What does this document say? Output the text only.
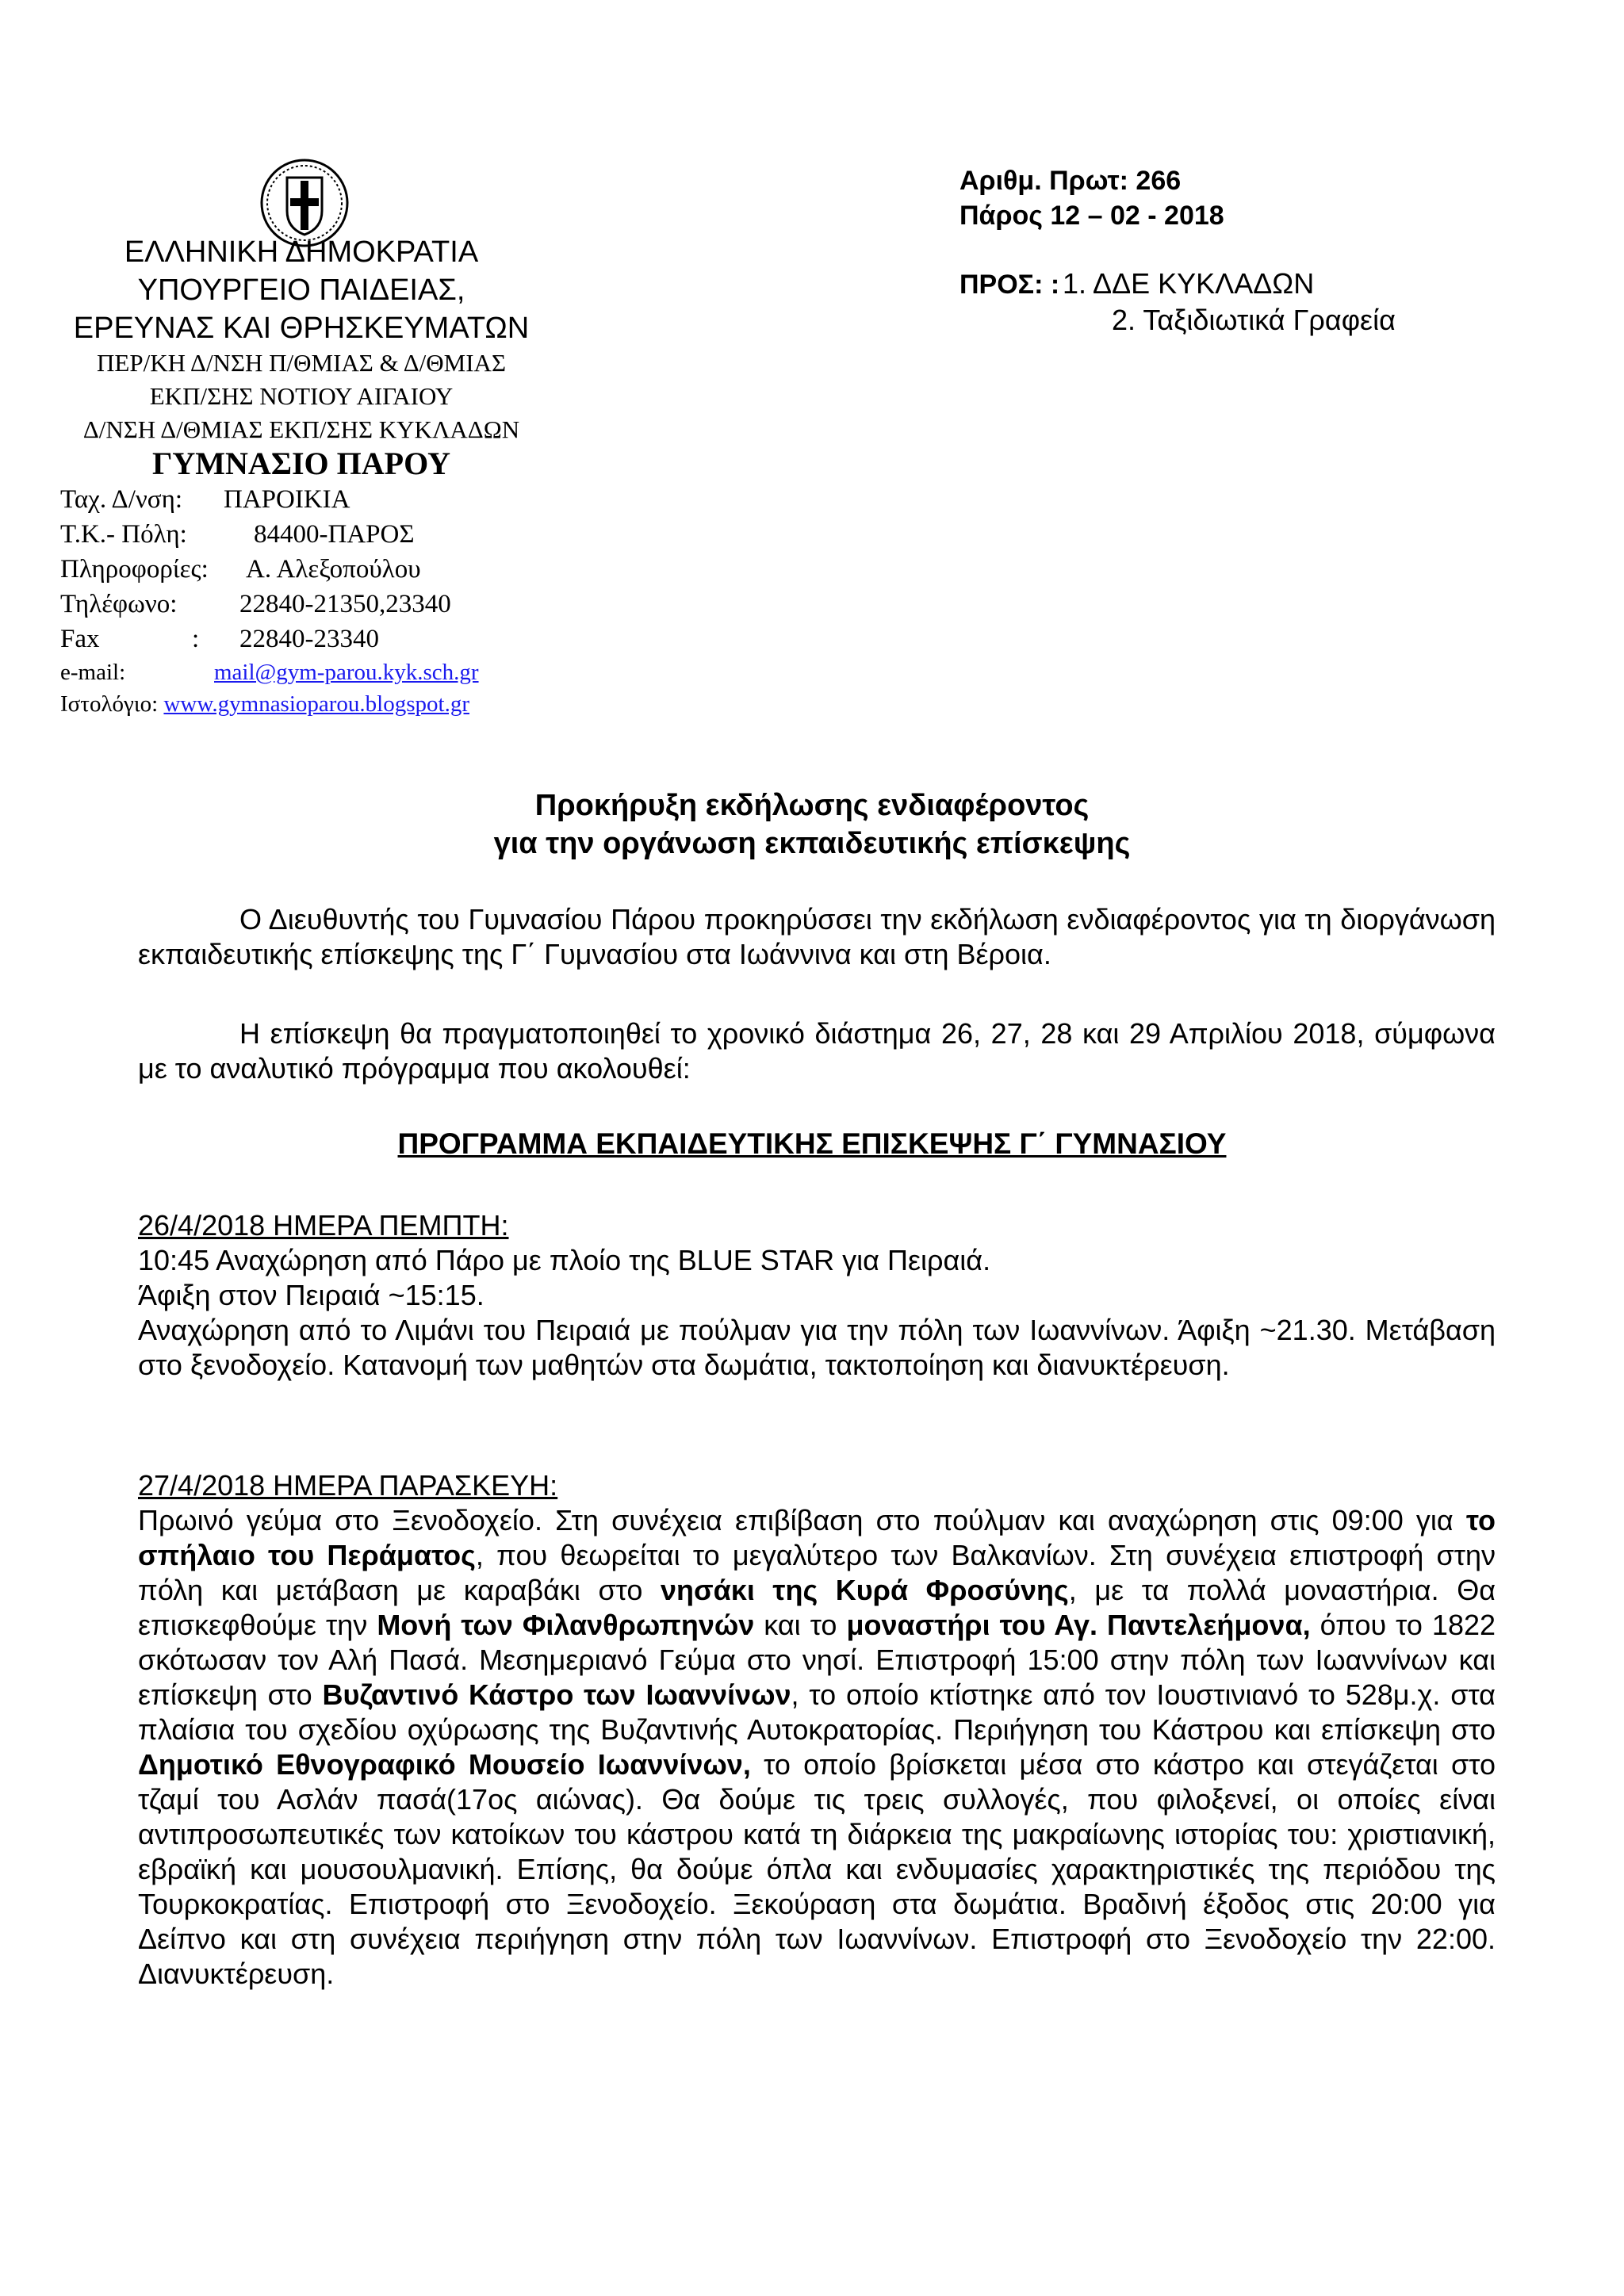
ΕΛΛΗΝΙΚΗ ΔΗΜΟΚΡΑΤΙΑ
ΥΠΟΥΡΓΕΙΟ ΠΑΙΔΕΙΑΣ,
ΕΡΕΥΝΑΣ ΚΑΙ ΘΡΗΣΚΕΥΜΑΤΩΝ
ΠΕΡ/ΚΗ Δ/ΝΣΗ Π/ΘΜΙΑΣ & Δ/ΘΜΙΑΣ
ΕΚΠ/ΣΗΣ ΝΟΤΙΟΥ ΑΙΓΑΙΟΥ
Δ/ΝΣΗ Δ/ΘΜΙΑΣ ΕΚΠ/ΣΗΣ ΚΥΚΛΑΔΩΝ
ΓΥΜΝΑΣΙΟ ΠΑΡΟΥ
Ταχ. Δ/νση: ΠΑΡΟΙΚΙΑ
Τ.Κ.- Πόλη:	84400-ΠΑΡΟΣ
Πληροφορίες: Α. Αλεξοπούλου
Τηλέφωνο: 22840-21350,23340
Fax	: 22840-23340
e-mail:	mail@gym-parou.kyk.sch.gr
Ιστολόγιο: www.gymnasioparou.blogspot.gr
Αριθμ. Πρωτ: 266
Πάρος 12 – 02 - 2018
ΠΡΟΣ: : 1. ΔΔΕ ΚΥΚΛΑΔΩΝ
2. Ταξιδιωτικά Γραφεία
Προκήρυξη εκδήλωσης ενδιαφέροντος
για την οργάνωση εκπαιδευτικής επίσκεψης
Ο Διευθυντής του Γυμνασίου Πάρου προκηρύσσει την εκδήλωση ενδιαφέροντος για τη διοργάνωση εκπαιδευτικής επίσκεψης της Γ΄ Γυμνασίου στα Ιωάννινα και στη Βέροια.
Η επίσκεψη θα πραγματοποιηθεί το χρονικό διάστημα 26, 27, 28 και 29 Απριλίου 2018, σύμφωνα με το αναλυτικό πρόγραμμα που ακολουθεί:
ΠΡΟΓΡΑΜΜΑ ΕΚΠΑΙΔΕΥΤΙΚΗΣ ΕΠΙΣΚΕΨΗΣ Γ΄ ΓΥΜΝΑΣΙΟΥ
26/4/2018 ΗΜΕΡΑ ΠΕΜΠΤΗ:
10:45 Αναχώρηση από Πάρο με πλοίο της BLUE STAR για Πειραιά.
Άφιξη στον Πειραιά ~15:15.
Αναχώρηση από το Λιμάνι του Πειραιά με πούλμαν για την πόλη των Ιωαννίνων. Άφιξη ~21.30. Μετάβαση στο ξενοδοχείο. Κατανομή των μαθητών στα δωμάτια, τακτοποίηση και διανυκτέρευση.
27/4/2018 ΗΜΕΡΑ ΠΑΡΑΣΚΕΥΗ:
Πρωινό γεύμα στο Ξενοδοχείο. Στη συνέχεια επιβίβαση στο πούλμαν και αναχώρηση στις 09:00 για το σπήλαιο του Περάματος, που θεωρείται το μεγαλύτερο των Βαλκανίων. Στη συνέχεια επιστροφή στην πόλη και μετάβαση με καραβάκι στο νησάκι της Κυρά Φροσύνης, με τα πολλά μοναστήρια. Θα επισκεφθούμε την Μονή των Φιλανθρωπηνών και το μοναστήρι του Αγ. Παντελεήμονα, όπου το 1822 σκότωσαν τον Αλή Πασά. Μεσημεριανό Γεύμα στο νησί. Επιστροφή 15:00 στην πόλη των Ιωαννίνων και επίσκεψη στο Βυζαντινό Κάστρο των Ιωαννίνων, το οποίο κτίστηκε από τον Ιουστινιανό το 528μ.χ. στα πλαίσια του σχεδίου οχύρωσης της Βυζαντινής Αυτοκρατορίας. Περιήγηση του Κάστρου και επίσκεψη στο Δημοτικό Εθνογραφικό Μουσείο Ιωαννίνων, το οποίο βρίσκεται μέσα στο κάστρο και στεγάζεται στο τζαμί του Ασλάν πασά(17ος αιώνας). Θα δούμε τις τρεις συλλογές, που φιλοξενεί, οι οποίες είναι αντιπροσωπευτικές των κατοίκων του κάστρου κατά τη διάρκεια της μακραίωνης ιστορίας του: χριστιανική, εβραϊκή και μουσουλμανική. Επίσης, θα δούμε όπλα και ενδυμασίες χαρακτηριστικές της περιόδου της Τουρκοκρατίας. Επιστροφή στο Ξενοδοχείο. Ξεκούραση στα δωμάτια. Βραδινή έξοδος στις 20:00 για Δείπνο και στη συνέχεια περιήγηση στην πόλη των Ιωαννίνων. Επιστροφή στο Ξενοδοχείο την 22:00. Διανυκτέρευση.
